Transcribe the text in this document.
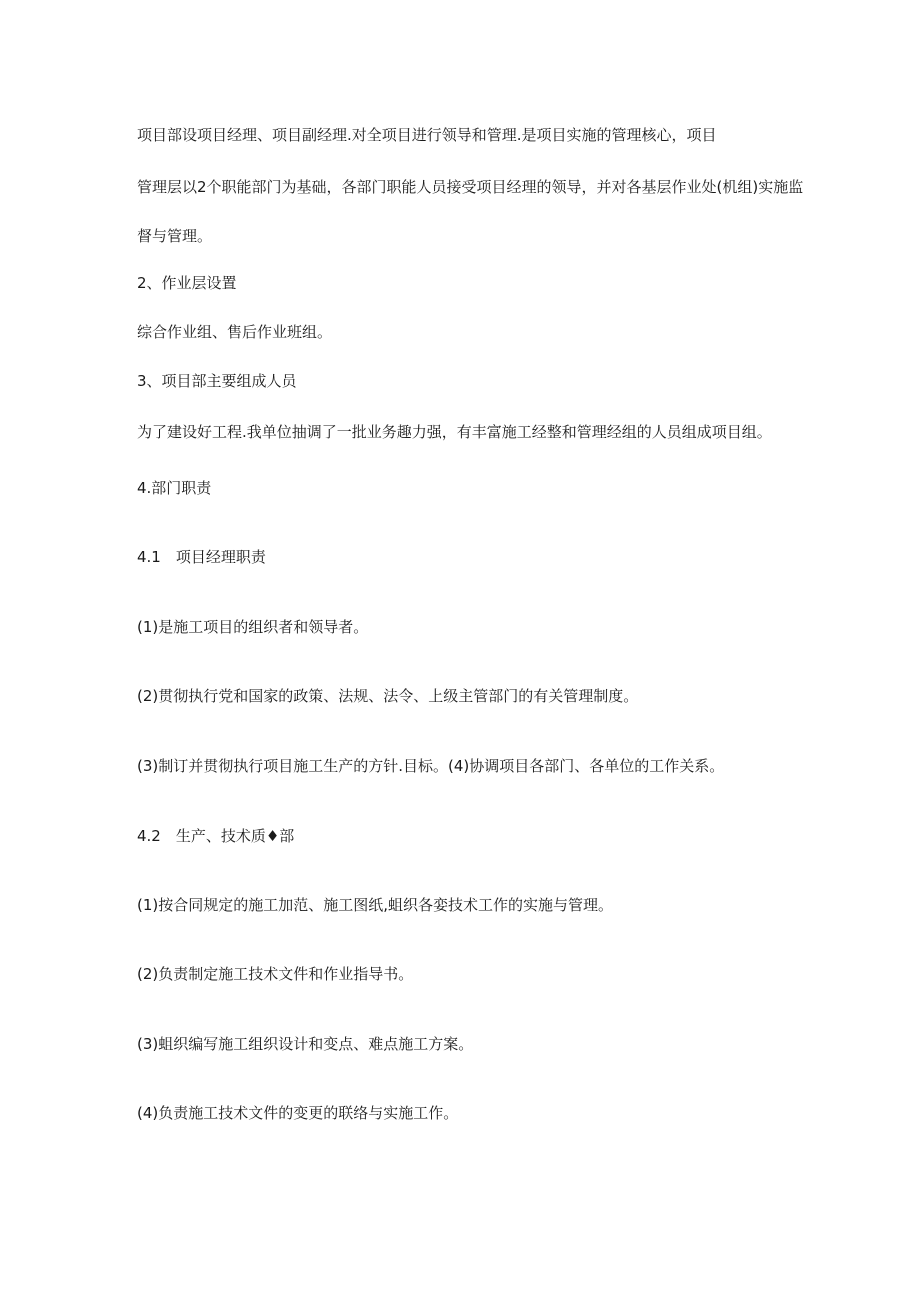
项目部设项目经理、项目副经理.对全项目进行领导和管理.是项目实施的管理核心，项目
管理层以2个职能部门为基础，各部门职能人员接受项目经理的领导，并对各基层作业处(机组)实施监
督与管理。
2、作业层设置
综合作业组、售后作业班组。
3、项目部主要组成人员
为了建设好工程.我单位抽调了一批业务趣力强，有丰富施工经整和管理经组的人员组成项目组。
4.部门职责
4.1　项目经理职责
(1)是施工项目的组织者和领导者。
(2)贯彻执行党和国家的政策、法规、法令、上级主管部门的有关管理制度。
(3)制订并贯彻执行项目施工生产的方针.目标。(4)协调项目各部门、各单位的工作关系。
4.2　生产、技术质♦部
(1)按合同规定的施工加范、施工图纸,蛆织各娈技术工作的实施与管理。
(2)负责制定施工技术文件和作业指导书。
(3)蛆织编写施工组织设计和变点、难点施工方案。
(4)负责施工技术文件的变更的联络与实施工作。
